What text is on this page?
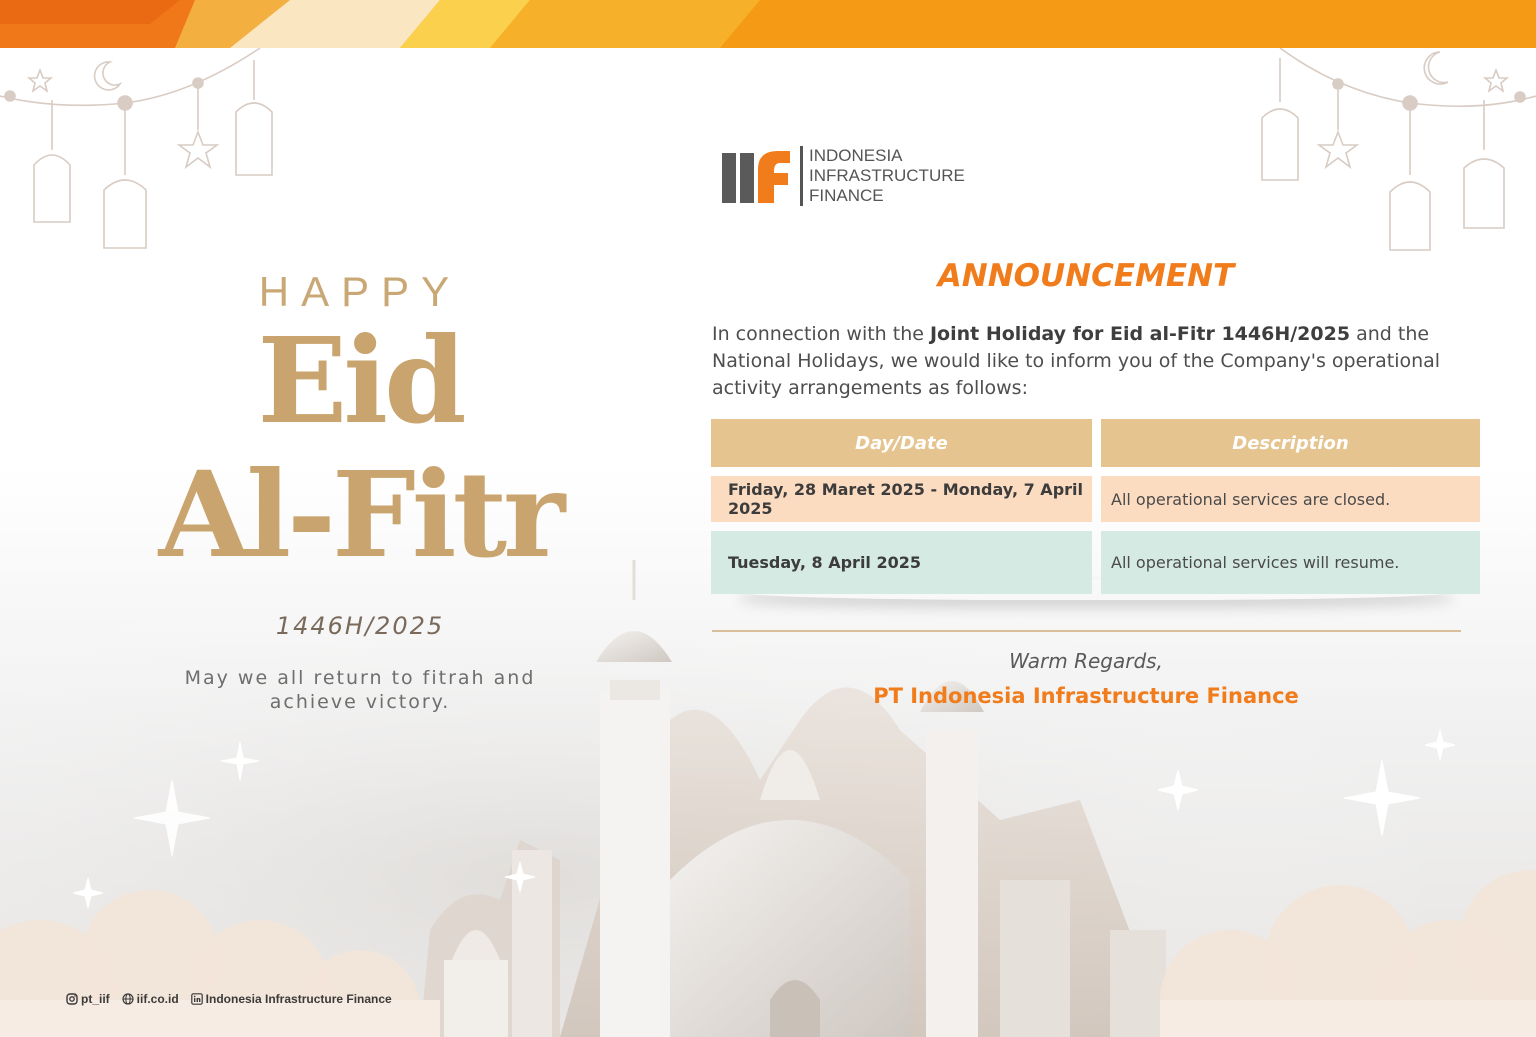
INDONESIA
INFRASTRUCTURE
FINANCE
HAPPY
Eid
Al-Fitr
1446H/2025
May we all return to fitrah and achieve victory.
ANNOUNCEMENT
In connection with the Joint Holiday for Eid al-Fitr 1446H/2025 and the National Holidays, we would like to inform you of the Company's operational activity arrangements as follows:
Day/Date	Description
Friday, 28 Maret 2025 - Monday, 7 April 2025	All operational services are closed.
Tuesday, 8 April 2025	All operational services will resume.
Warm Regards,
PT Indonesia Infrastructure Finance
pt_iif iif.co.id Indonesia Infrastructure Finance
